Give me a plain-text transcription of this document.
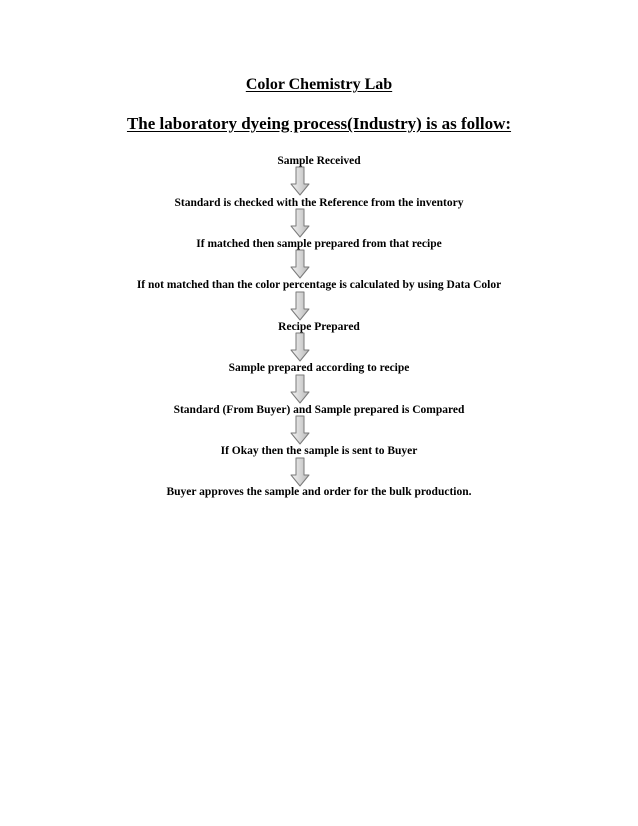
Color Chemistry Lab
The laboratory dyeing process(Industry) is as follow:

Sample Received

Standard is checked with the Reference from the inventory

If matched then sample prepared from that recipe

If not matched than the color percentage is calculated by using Data Color

Recipe Prepared

Sample prepared according to recipe

Standard (From Buyer) and Sample prepared is Compared

If Okay then the sample is sent to Buyer

Buyer approves the sample and order for the bulk production.
